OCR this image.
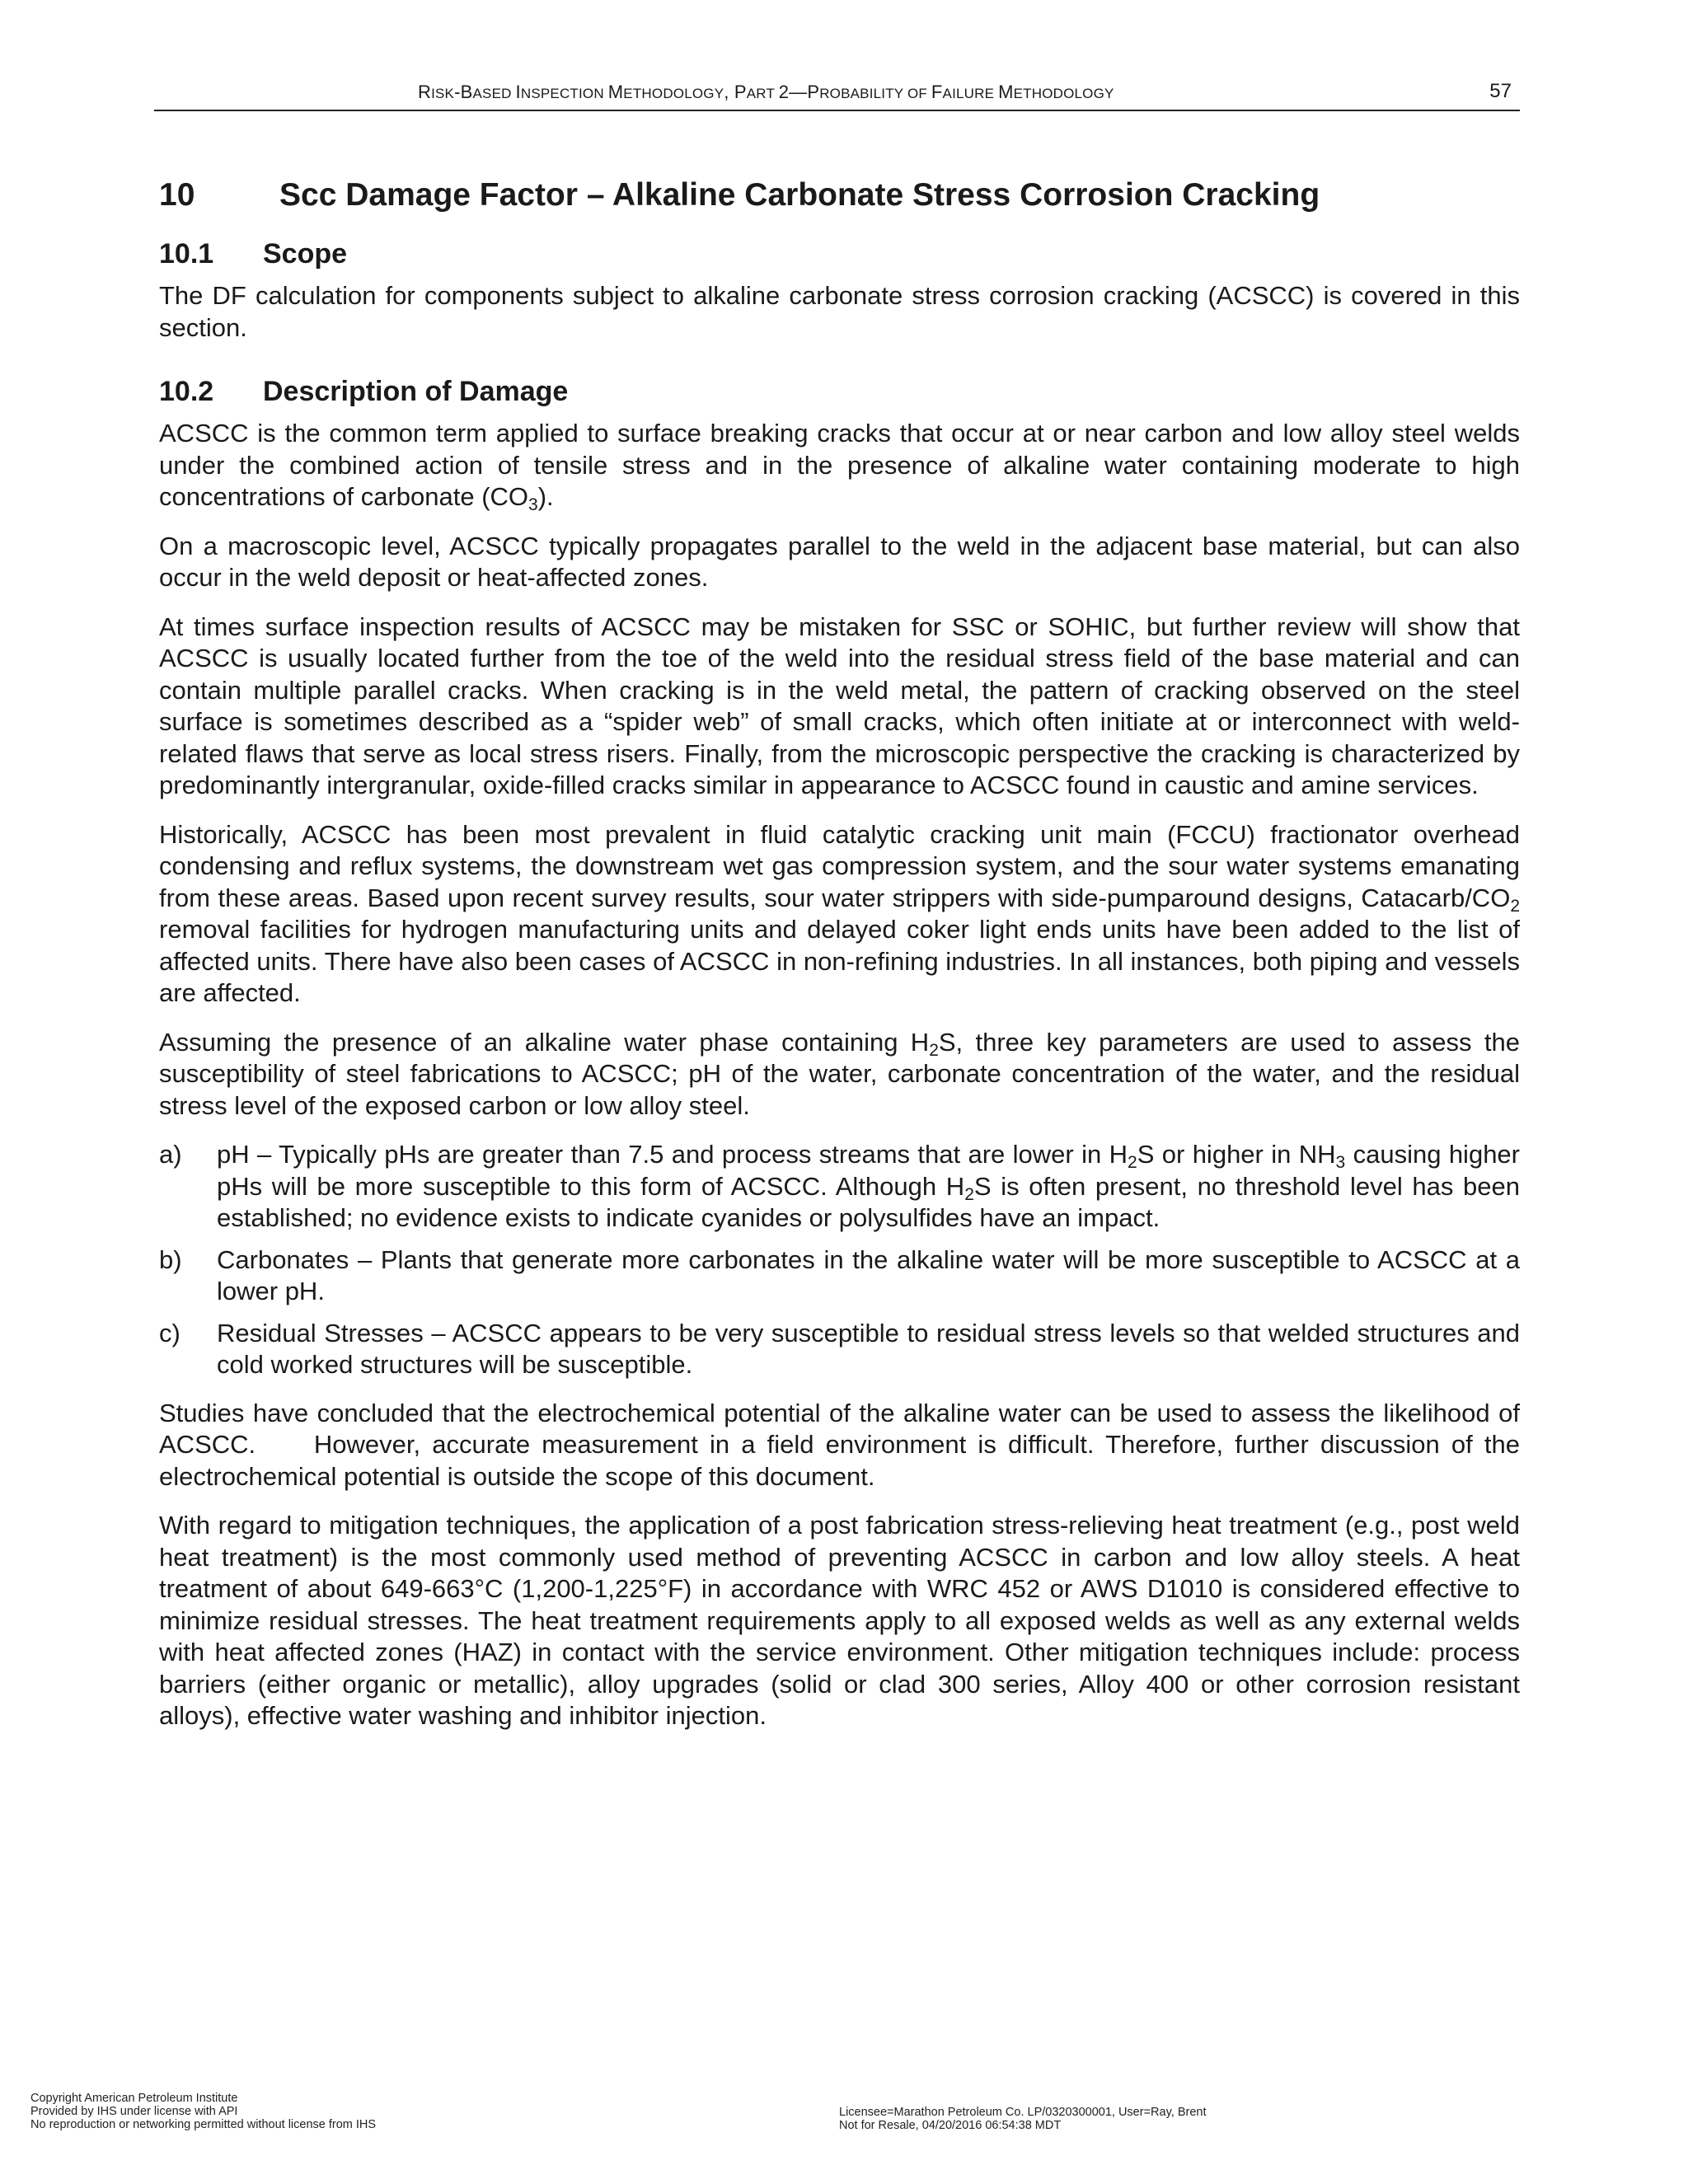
RISK-BASED INSPECTION METHODOLOGY, PART 2—PROBABILITY OF FAILURE METHODOLOGY	57
10	Scc Damage Factor – Alkaline Carbonate Stress Corrosion Cracking
10.1	Scope

The DF calculation for components subject to alkaline carbonate stress corrosion cracking (ACSCC) is covered in this section.

10.2	Description of Damage

ACSCC is the common term applied to surface breaking cracks that occur at or near carbon and low alloy steel welds under the combined action of tensile stress and in the presence of alkaline water containing moderate to high concentrations of carbonate $(CO_3)$.

On a macroscopic level, ACSCC typically propagates parallel to the weld in the adjacent base material, but can also occur in the weld deposit or heat-affected zones.

At times surface inspection results of ACSCC may be mistaken for SSC or SOHIC, but further review will show that ACSCC is usually located further from the toe of the weld into the residual stress field of the base material and can contain multiple parallel cracks. When cracking is in the weld metal, the pattern of cracking observed on the steel surface is sometimes described as a “spider web” of small cracks, which often initiate at or interconnect with weld-related flaws that serve as local stress risers. Finally, from the microscopic perspective the cracking is characterized by predominantly intergranular, oxide-filled cracks similar in appearance to ACSCC found in caustic and amine services.

Historically, ACSCC has been most prevalent in fluid catalytic cracking unit main (FCCU) fractionator overhead condensing and reflux systems, the downstream wet gas compression system, and the sour water systems emanating from these areas. Based upon recent survey results, sour water strippers with side-pumparound designs, Catacarb/$CO_2$ removal facilities for hydrogen manufacturing units and delayed coker light ends units have been added to the list of affected units. There have also been cases of ACSCC in non-refining industries. In all instances, both piping and vessels are affected.

Assuming the presence of an alkaline water phase containing $H_2S$, three key parameters are used to assess the susceptibility of steel fabrications to ACSCC; pH of the water, carbonate concentration of the water, and the residual stress level of the exposed carbon or low alloy steel.

a)	pH – Typically pHs are greater than 7.5 and process streams that are lower in $H_2S$ or higher in $NH_3$ causing higher pHs will be more susceptible to this form of ACSCC. Although $H_2S$ is often present, no threshold level has been established; no evidence exists to indicate cyanides or polysulfides have an impact.
b)	Carbonates – Plants that generate more carbonates in the alkaline water will be more susceptible to ACSCC at a lower pH.
c)	Residual Stresses – ACSCC appears to be very susceptible to residual stress levels so that welded structures and cold worked structures will be susceptible.

Studies have concluded that the electrochemical potential of the alkaline water can be used to assess the likelihood of ACSCC.     However, accurate measurement in a field environment is difficult. Therefore, further discussion of the electrochemical potential is outside the scope of this document.

With regard to mitigation techniques, the application of a post fabrication stress-relieving heat treatment (e.g., post weld heat treatment) is the most commonly used method of preventing ACSCC in carbon and low alloy steels. A heat treatment of about 649-663°C (1,200-1,225°F) in accordance with WRC 452 or AWS D1010 is considered effective to minimize residual stresses. The heat treatment requirements apply to all exposed welds as well as any external welds with heat affected zones (HAZ) in contact with the service environment. Other mitigation techniques include: process barriers (either organic or metallic), alloy upgrades (solid or clad 300 series, Alloy 400 or other corrosion resistant alloys), effective water washing and inhibitor injection.

Copyright American Petroleum Institute
Provided by IHS under license with API
No reproduction or networking permitted without license from IHS
Licensee=Marathon Petroleum Co. LP/0320300001, User=Ray, Brent
Not for Resale, 04/20/2016 06:54:38 MDT
